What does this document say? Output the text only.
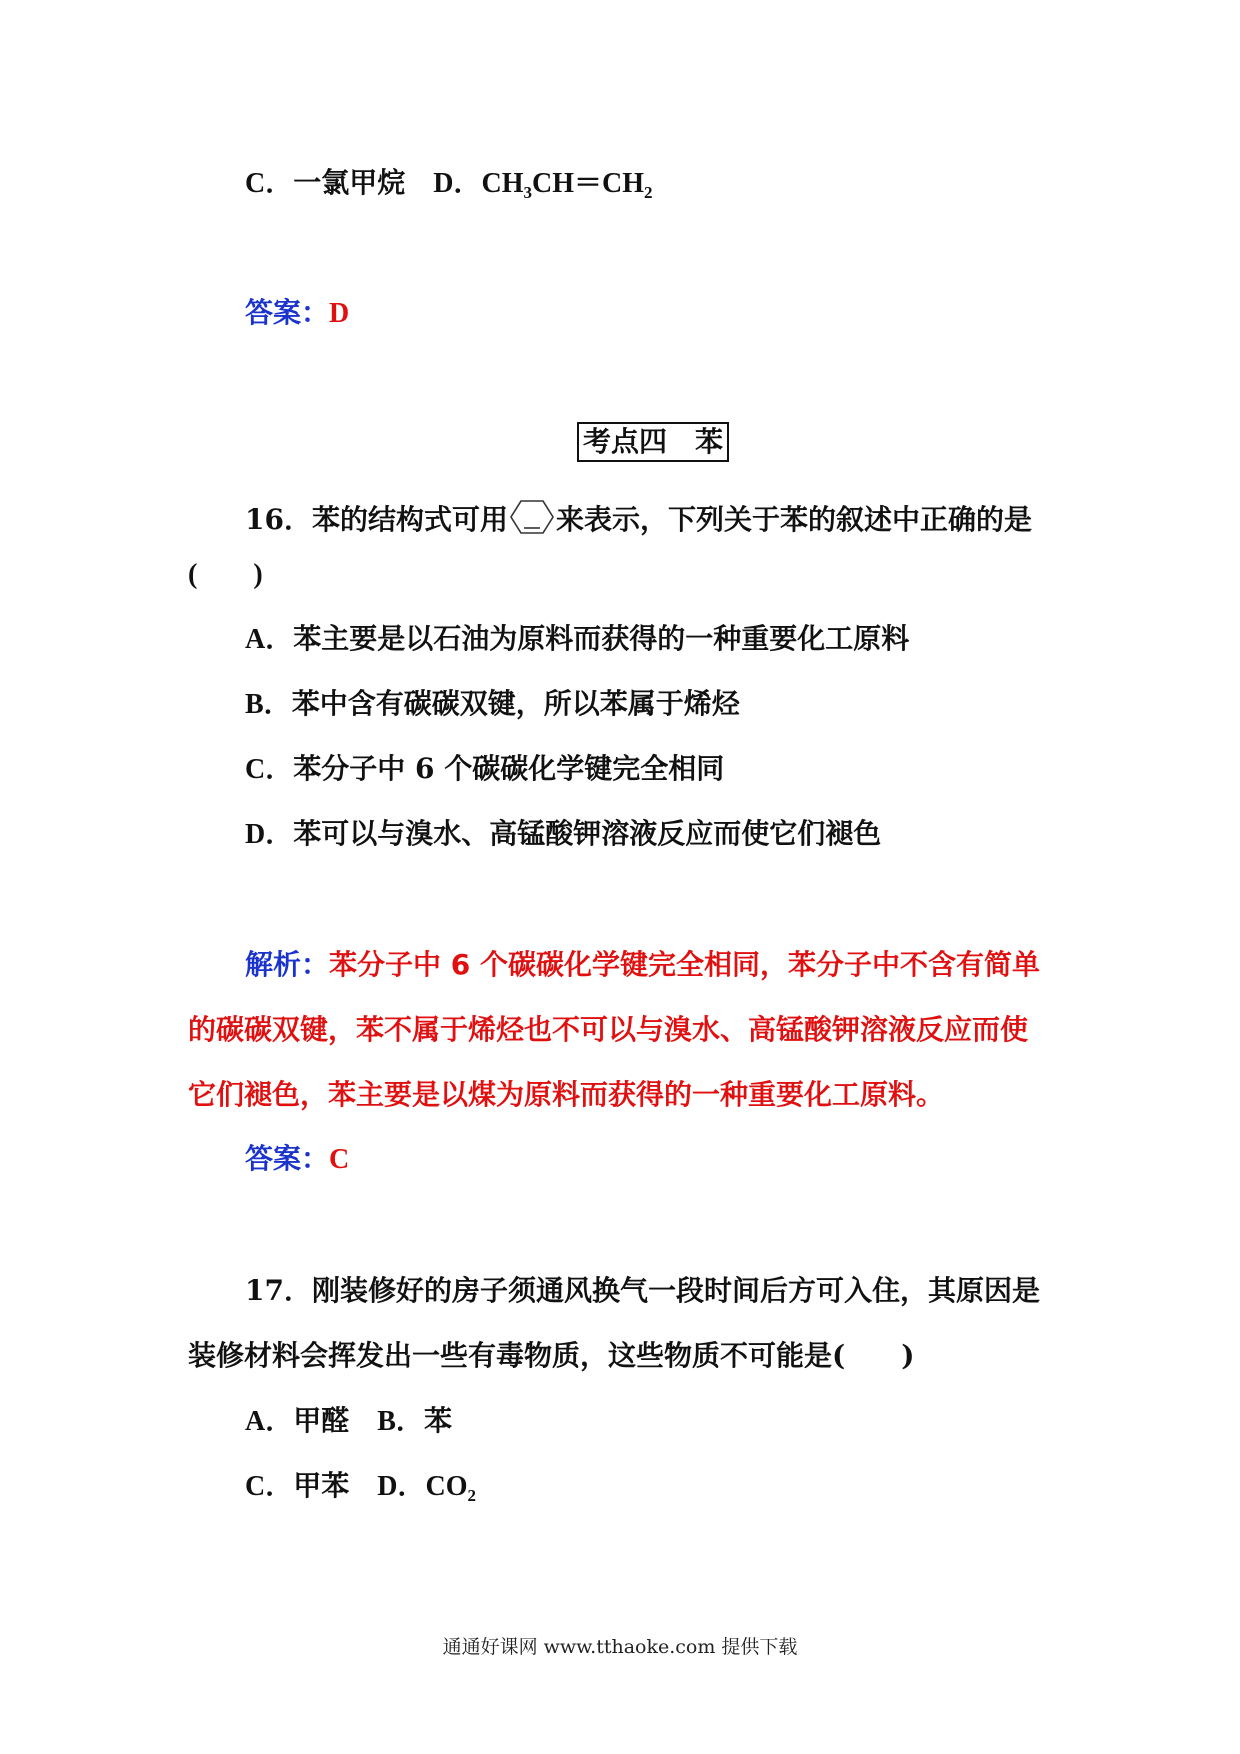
C．一氯甲烷 D．$CH_3CH=CH_2$
答案：D
考点四　苯
16．苯的结构式可用 来表示，下列关于苯的叙述中正确的是
(　　)
A．苯主要是以石油为原料而获得的一种重要化工原料
B．苯中含有碳碳双键，所以苯属于烯烃
C．苯分子中 6 个碳碳化学键完全相同
D．苯可以与溴水、高锰酸钾溶液反应而使它们褪色
解析：苯分子中 6 个碳碳化学键完全相同，苯分子中不含有简单
的碳碳双键，苯不属于烯烃也不可以与溴水、高锰酸钾溶液反应而使
它们褪色，苯主要是以煤为原料而获得的一种重要化工原料。
答案：C
17．刚装修好的房子须通风换气一段时间后方可入住，其原因是
装修材料会挥发出一些有毒物质，这些物质不可能是(　　)
A．甲醛 B．苯
C．甲苯 D．$CO_2$
通通好课网 www.tthaoke.com 提供下载
